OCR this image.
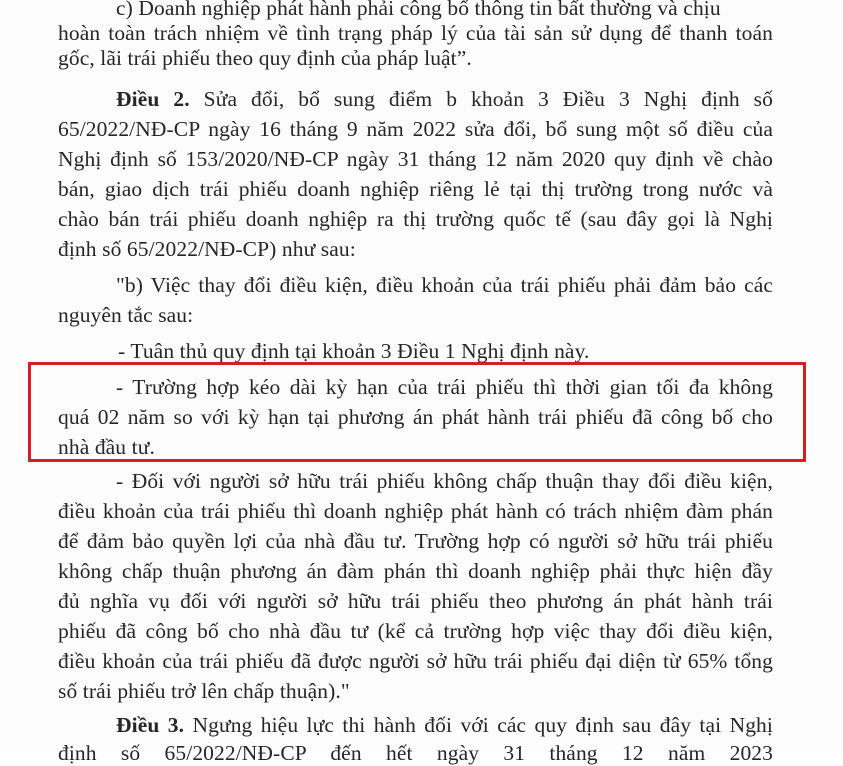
c) Doanh nghiệp phát hành phải công bố thông tin bất thường và chịu
hoàn toàn trách nhiệm về tình trạng pháp lý của tài sản sử dụng để thanh toán
gốc, lãi trái phiếu theo quy định của pháp luật”.
Điều 2. Sửa đổi, bổ sung điểm b khoản 3 Điều 3 Nghị định số
65/2022/NĐ-CP ngày 16 tháng 9 năm 2022 sửa đổi, bổ sung một số điều của
Nghị định số 153/2020/NĐ-CP ngày 31 tháng 12 năm 2020 quy định về chào
bán, giao dịch trái phiếu doanh nghiệp riêng lẻ tại thị trường trong nước và
chào bán trái phiếu doanh nghiệp ra thị trường quốc tế (sau đây gọi là Nghị
định số 65/2022/NĐ-CP) như sau:
"b) Việc thay đổi điều kiện, điều khoản của trái phiếu phải đảm bảo các
nguyên tắc sau:
- Tuân thủ quy định tại khoản 3 Điều 1 Nghị định này.
- Trường hợp kéo dài kỳ hạn của trái phiếu thì thời gian tối đa không
quá 02 năm so với kỳ hạn tại phương án phát hành trái phiếu đã công bố cho
nhà đầu tư.
- Đối với người sở hữu trái phiếu không chấp thuận thay đổi điều kiện,
điều khoản của trái phiếu thì doanh nghiệp phát hành có trách nhiệm đàm phán
để đảm bảo quyền lợi của nhà đầu tư. Trường hợp có người sở hữu trái phiếu
không chấp thuận phương án đàm phán thì doanh nghiệp phải thực hiện đầy
đủ nghĩa vụ đối với người sở hữu trái phiếu theo phương án phát hành trái
phiếu đã công bố cho nhà đầu tư (kể cả trường hợp việc thay đổi điều kiện,
điều khoản của trái phiếu đã được người sở hữu trái phiếu đại diện từ 65% tổng
số trái phiếu trở lên chấp thuận)."
Điều 3. Ngưng hiệu lực thi hành đối với các quy định sau đây tại Nghị
định số 65/2022/NĐ-CP đến hết ngày 31 tháng 12 năm 2023
